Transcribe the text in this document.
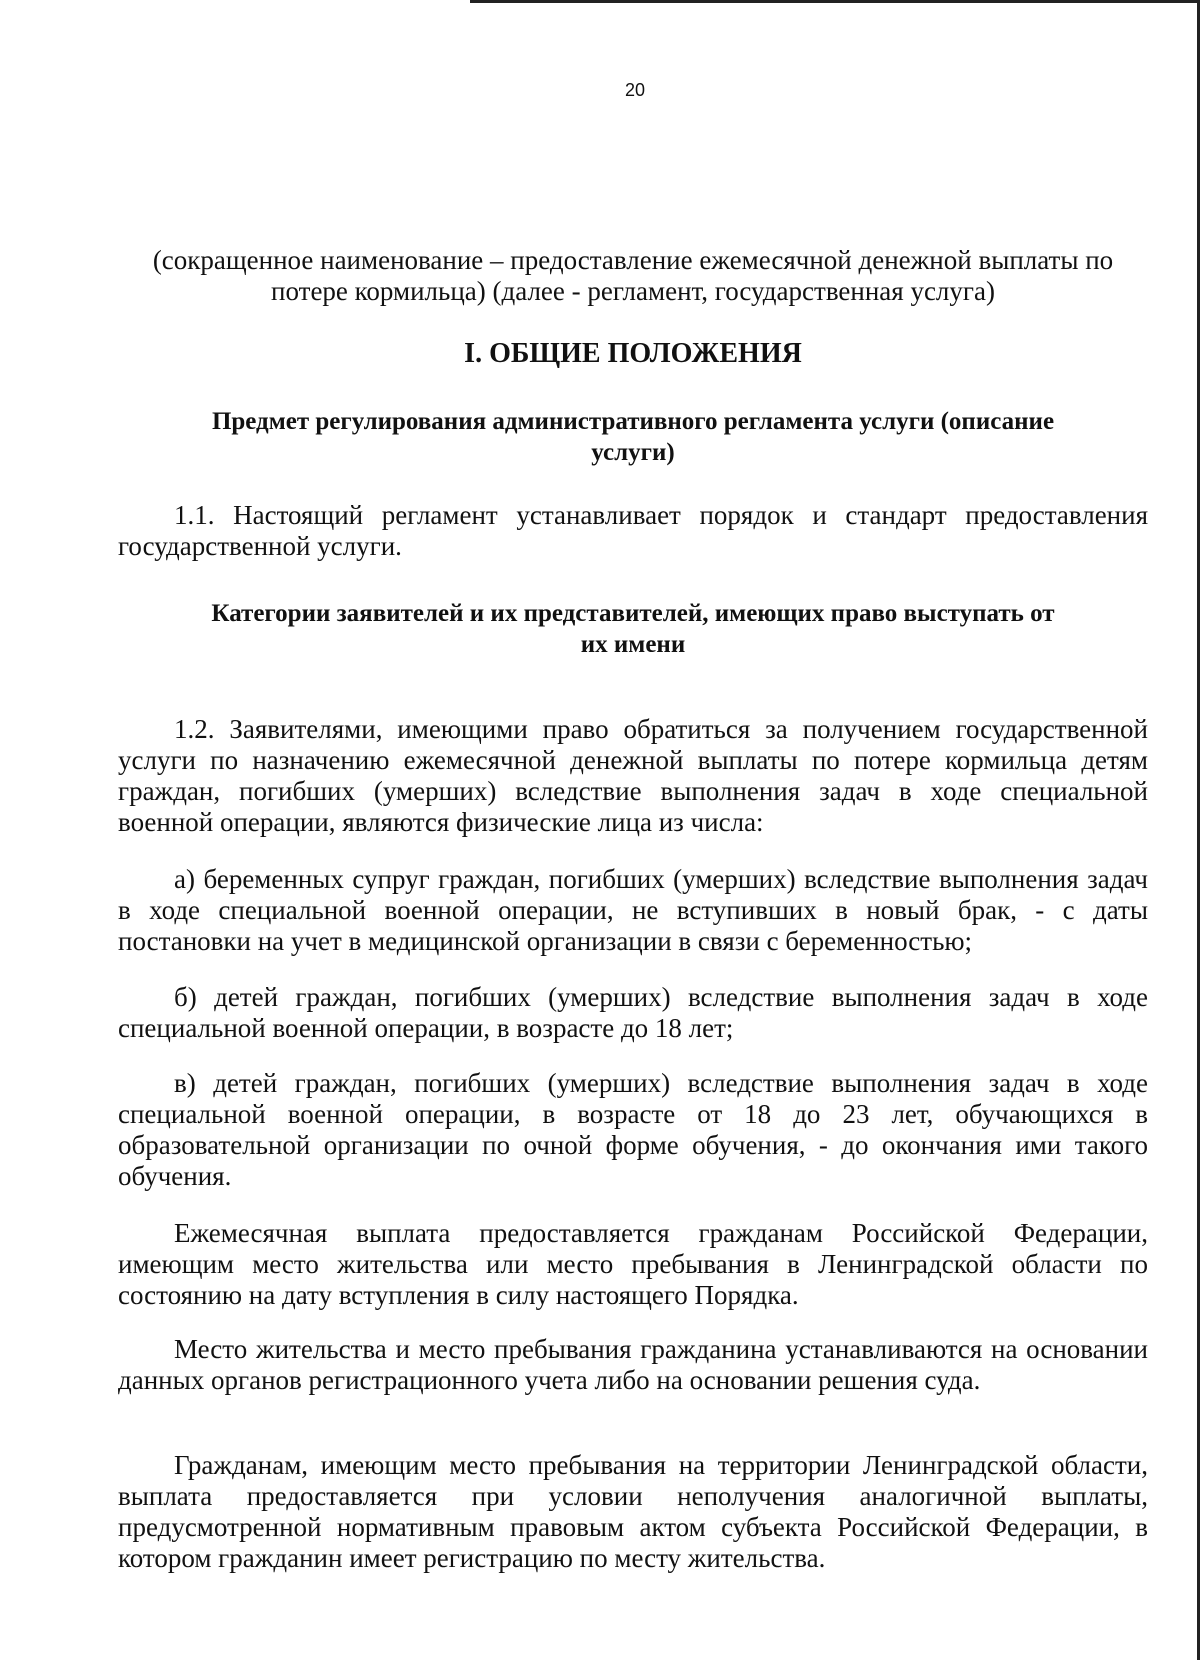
20
(сокращенное наименование – предоставление ежемесячной денежной выплаты по потере кормильца) (далее - регламент, государственная услуга)
I. ОБЩИЕ ПОЛОЖЕНИЯ
Предмет регулирования административного регламента услуги (описание услуги)
1.1. Настоящий регламент устанавливает порядок и стандарт предоставления государственной услуги.
Категории заявителей и их представителей, имеющих право выступать от их имени
1.2. Заявителями, имеющими право обратиться за получением государственной услуги по назначению ежемесячной денежной выплаты по потере кормильца детям граждан, погибших (умерших) вследствие выполнения задач в ходе специальной военной операции, являются физические лица из числа:
а) беременных супруг граждан, погибших (умерших) вследствие выполнения задач в ходе специальной военной операции, не вступивших в новый брак, - с даты постановки на учет в медицинской организации в связи с беременностью;
б) детей граждан, погибших (умерших) вследствие выполнения задач в ходе специальной военной операции, в возрасте до 18 лет;
в) детей граждан, погибших (умерших) вследствие выполнения задач в ходе специальной военной операции, в возрасте от 18 до 23 лет, обучающихся в образовательной организации по очной форме обучения, - до окончания ими такого обучения.
Ежемесячная выплата предоставляется гражданам Российской Федерации, имеющим место жительства или место пребывания в Ленинградской области по состоянию на дату вступления в силу настоящего Порядка.
Место жительства и место пребывания гражданина устанавливаются на основании данных органов регистрационного учета либо на основании решения суда.
Гражданам, имеющим место пребывания на территории Ленинградской области, выплата предоставляется при условии неполучения аналогичной выплаты, предусмотренной нормативным правовым актом субъекта Российской Федерации, в котором гражданин имеет регистрацию по месту жительства.
